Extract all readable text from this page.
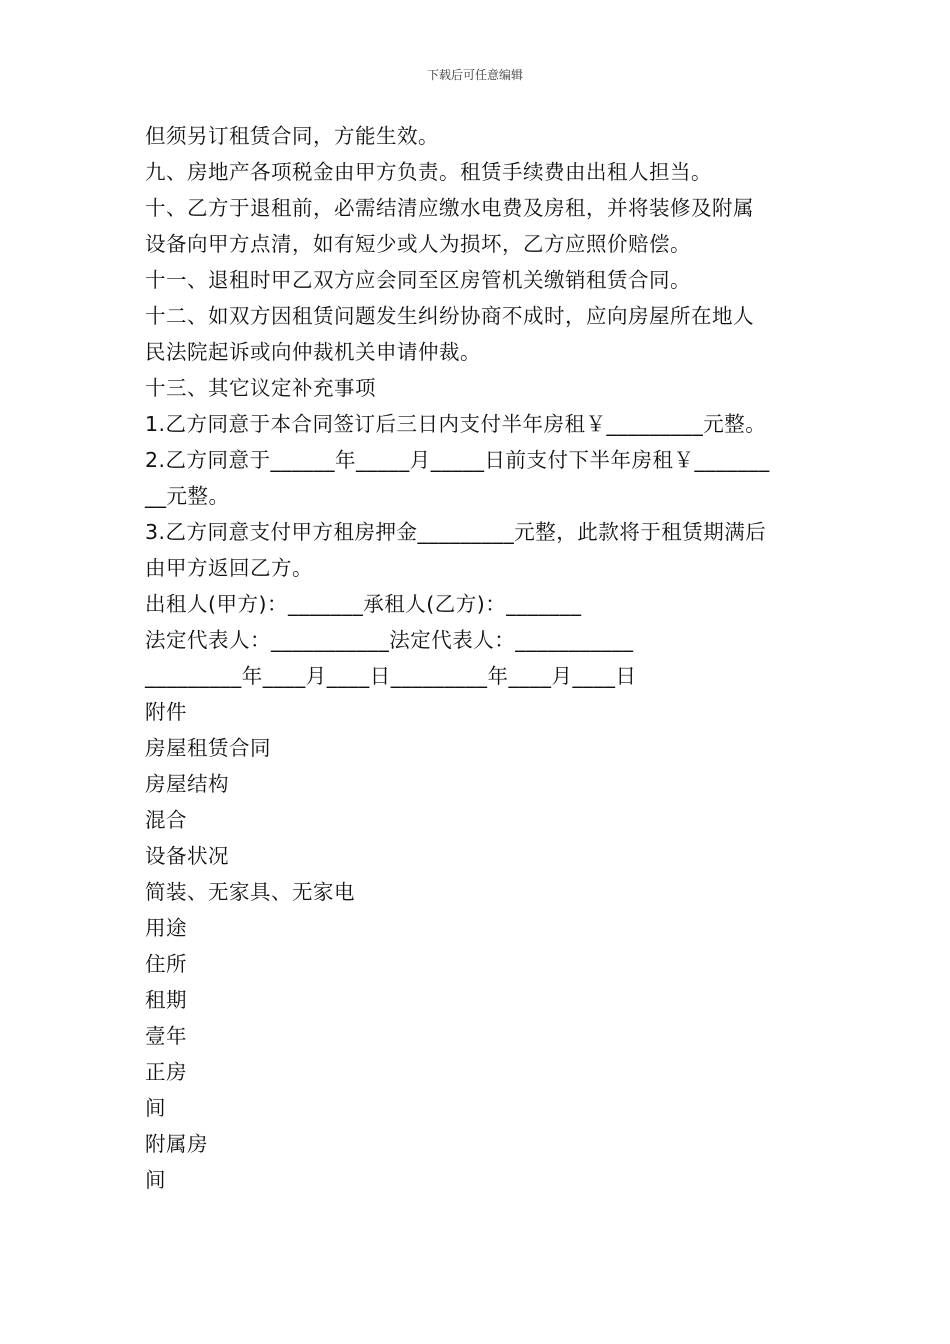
下载后可任意编辑
但须另订租赁合同，方能生效。
九、房地产各项税金由甲方负责。租赁手续费由出租人担当。
十、乙方于退租前，必需结清应缴水电费及房租，并将装修及附属
设备向甲方点清，如有短少或人为损坏，乙方应照价赔偿。
十一、退租时甲乙双方应会同至区房管机关缴销租赁合同。
十二、如双方因租赁问题发生纠纷协商不成时，应向房屋所在地人
民法院起诉或向仲裁机关申请仲裁。
十三、其它议定补充事项
1.乙方同意于本合同签订后三日内支付半年房租￥_________元整。
2.乙方同意于______年_____月_____日前支付下半年房租￥_______
__元整。
3.乙方同意支付甲方租房押金_________元整，此款将于租赁期满后
由甲方返回乙方。
出租人(甲方)：_______承租人(乙方)：_______
法定代表人：___________法定代表人：___________
_________年____月____日_________年____月____日
附件
房屋租赁合同
房屋结构
混合
设备状况
简装、无家具、无家电
用途
住所
租期
壹年
正房
间
附属房
间
